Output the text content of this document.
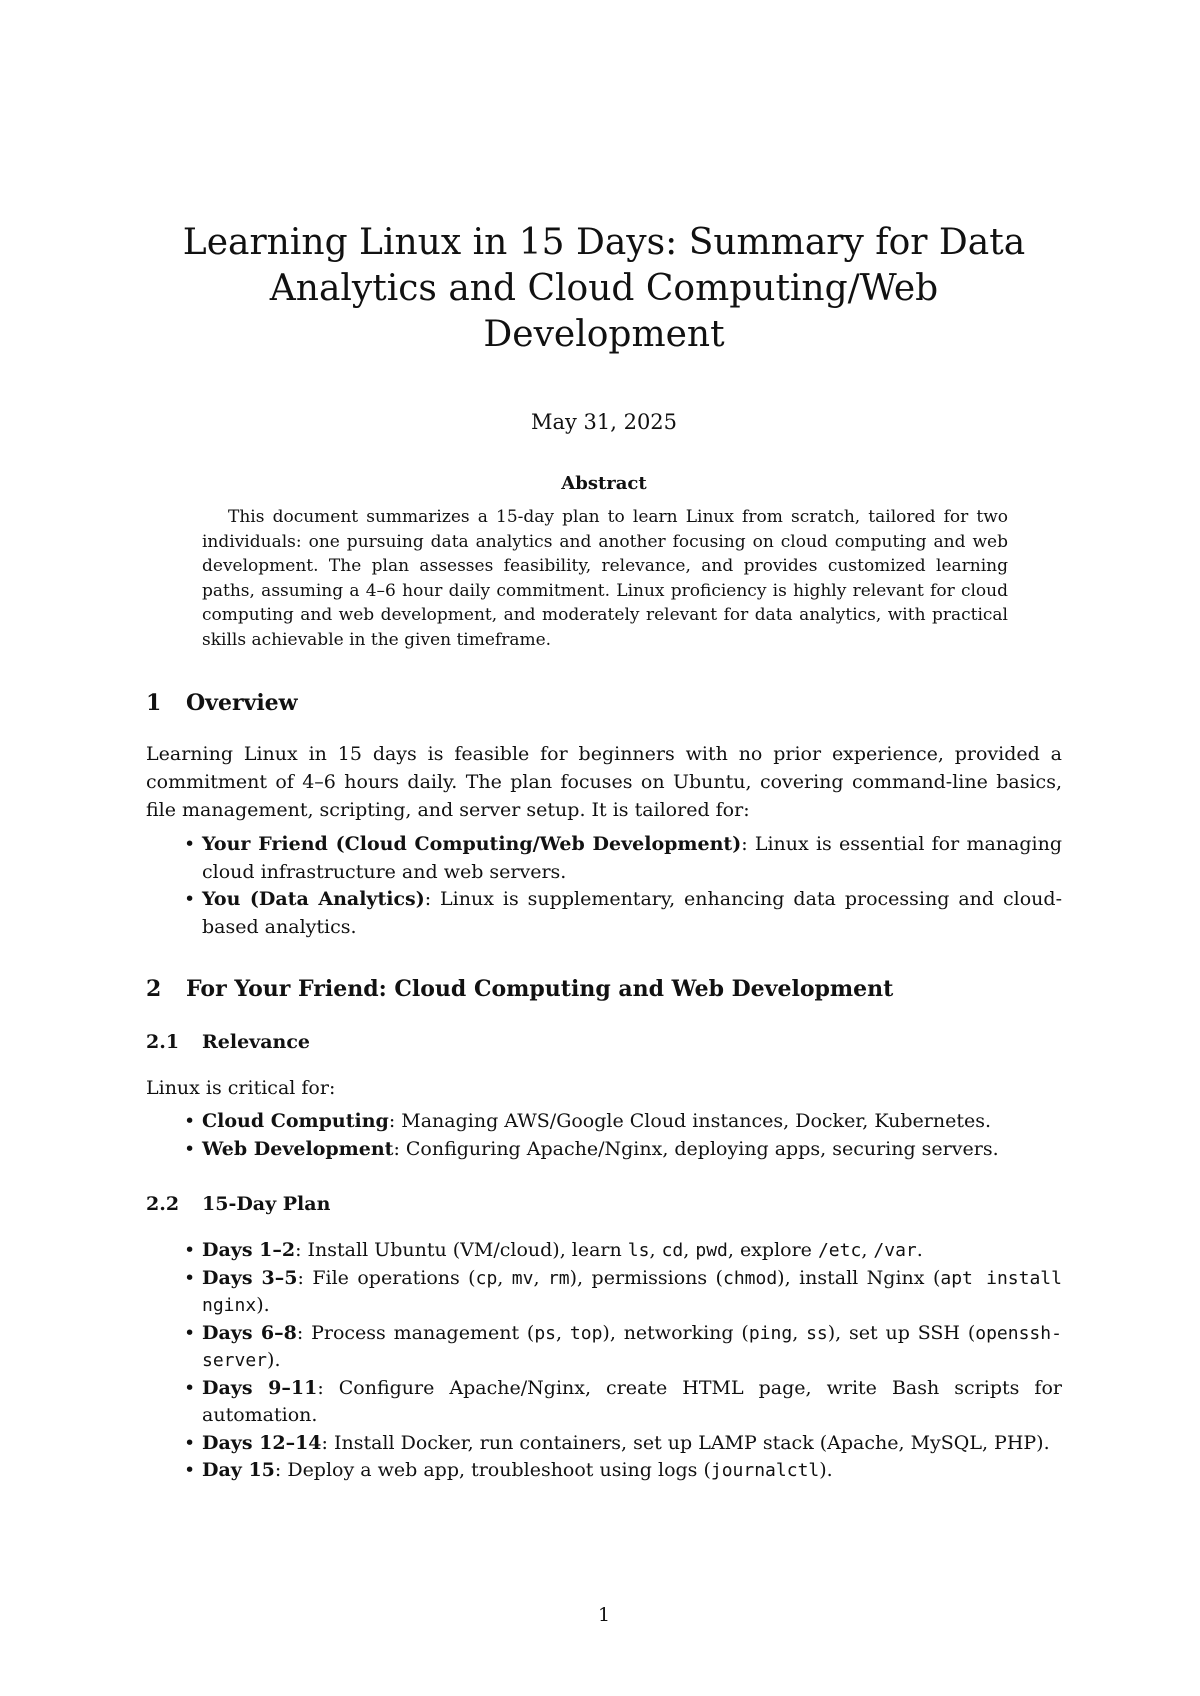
Learning Linux in 15 Days: Summary for Data Analytics and Cloud Computing/Web Development
May 31, 2025
Abstract

This document summarizes a 15-day plan to learn Linux from scratch, tailored for two individuals: one pursuing data analytics and another focusing on cloud computing and web development. The plan assesses feasibility, relevance, and provides customized learning paths, assuming a 4–6 hour daily commitment. Linux proficiency is highly relevant for cloud computing and web development, and moderately relevant for data analytics, with practical skills achievable in the given timeframe.

1 Overview

Learning Linux in 15 days is feasible for beginners with no prior experience, provided a commitment of 4–6 hours daily. The plan focuses on Ubuntu, covering command-line basics, file management, scripting, and server setup. It is tailored for:

• Your Friend (Cloud Computing/Web Development): Linux is essential for managing cloud infrastructure and web servers.
• You (Data Analytics): Linux is supplementary, enhancing data processing and cloud-based analytics.
2 For Your Friend: Cloud Computing and Web Development
2.1 Relevance

Linux is critical for:

• Cloud Computing: Managing AWS/Google Cloud instances, Docker, Kubernetes.
• Web Development: Configuring Apache/Nginx, deploying apps, securing servers.
2.2 15-Day Plan
• Days 1–2: Install Ubuntu (VM/cloud), learn ls, cd, pwd, explore /etc, /var.
• Days 3–5: File operations (cp, mv, rm), permissions (chmod), install Nginx (apt install nginx).
• Days 6–8: Process management (ps, top), networking (ping, ss), set up SSH (openssh-server).
• Days 9–11: Configure Apache/Nginx, create HTML page, write Bash scripts for automation.
• Days 12–14: Install Docker, run containers, set up LAMP stack (Apache, MySQL, PHP).
• Day 15: Deploy a web app, troubleshoot using logs (journalctl).
1
